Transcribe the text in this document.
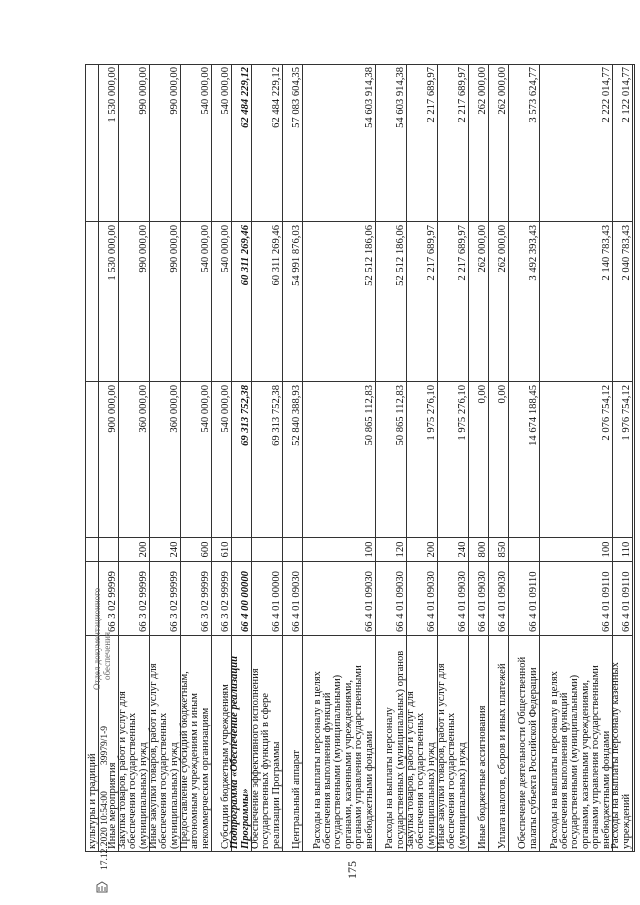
175
культуры и традиций Иные мероприятия
66 3 02 99999
900 000,00
1 530 000,00
1 530 000,00
Закупка товаров, работ и услуг для обеспечения государственных (муниципальных) нужд
66 3 02 99999
200
360 000,00
990 000,00
990 000,00
Иные закупки товаров, работ и услуг для обеспечения государственных (муниципальных) нужд
66 3 02 99999
240
360 000,00
990 000,00
990 000,00
Предоставление субсидий бюджетным, автономным учреждениям и иным некоммерческим организациям
66 3 02 99999
600
540 000,00
540 000,00
540 000,00
Субсидии бюджетным учреждениям
66 3 02 99999
610
540 000,00
540 000,00
540 000,00
Подпрограмма «Обеспечение реализации Программы»
66 4 00 00000
69 313 752,38
60 311 269,46
62 484 229,12
Обеспечение эффективного исполнения государственных функций в сфере реализации Программы
66 4 01 00000
69 313 752,38
60 311 269,46
62 484 229,12
Центральный аппарат
66 4 01 09030
52 840 388,93
54 991 876,03
57 083 604,35
Расходы на выплаты персоналу в целях обеспечения выполнения функций государственными (муниципальными) органами, казенными учреждениями, органами управления государственными внебюджетными фондами
66 4 01 09030
100
50 865 112,83
52 512 186,06
54 603 914,38
Расходы на выплаты персоналу государственных (муниципальных) органов
66 4 01 09030
120
50 865 112,83
52 512 186,06
54 603 914,38
Закупка товаров, работ и услуг для обеспечения государственных (муниципальных) нужд
66 4 01 09030
200
1 975 276,10
2 217 689,97
2 217 689,97
Иные закупки товаров, работ и услуг для обеспечения государственных (муниципальных) нужд
66 4 01 09030
240
1 975 276,10
2 217 689,97
2 217 689,97
Иные бюджетные ассигнования
66 4 01 09030
800
0,00
262 000,00
262 000,00
Уплата налогов, сборов и иных платежей
66 4 01 09030
850
0,00
262 000,00
262 000,00
Обеспечение деятельности Общественной палаты субъекта Российской Федерации
66 4 01 09110
14 674 188,45
3 492 393,43
3 573 624,77
Расходы на выплаты персоналу в целях обеспечения выполнения функций государственными (муниципальными) органами, казенными учреждениями, органами управления государственными внебюджетными фондами
66 4 01 09110
100
2 076 754,12
2 140 783,43
2 222 014,77
Расходы на выплаты персоналу казенных учреждений
66 4 01 09110
110
1 976 754,12
2 040 783,43
2 122 014,77
17.12.2020 10:54:00
39979/1-9
Отдел документационного обеспечения
